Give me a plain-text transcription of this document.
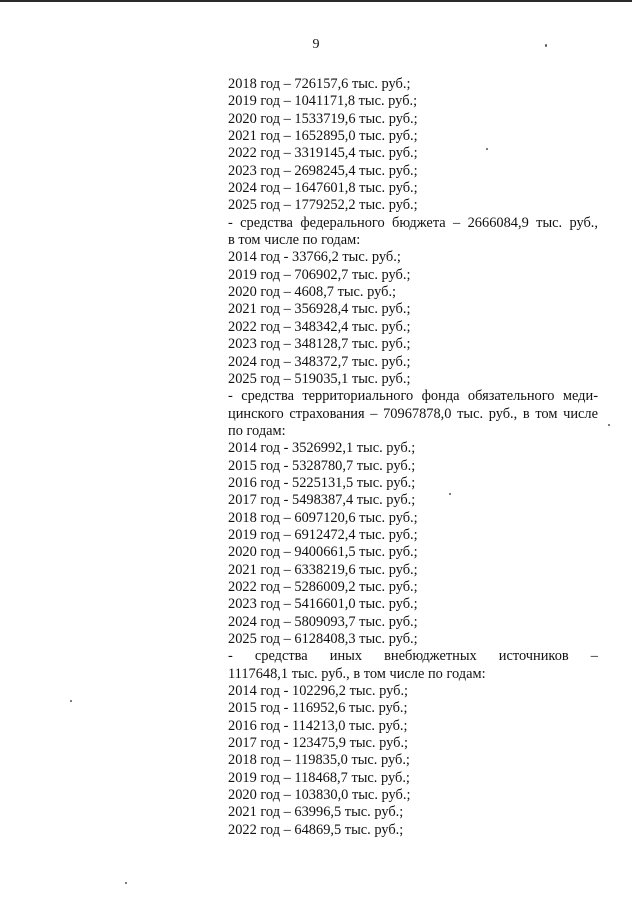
9
2018 год – 726157,6 тыс. руб.;
2019 год – 1041171,8 тыс. руб.;
2020 год – 1533719,6 тыс. руб.;
2021 год – 1652895,0 тыс. руб.;
2022 год – 3319145,4 тыс. руб.;
2023 год – 2698245,4 тыс. руб.;
2024 год – 1647601,8 тыс. руб.;
2025 год – 1779252,2 тыс. руб.;
- средства федерального бюджета – 2666084,9 тыс. руб.,
в том числе по годам:
2014 год - 33766,2 тыс. руб.;
2019 год – 706902,7 тыс. руб.;
2020 год – 4608,7 тыс. руб.;
2021 год – 356928,4 тыс. руб.;
2022 год – 348342,4 тыс. руб.;
2023 год – 348128,7 тыс. руб.;
2024 год – 348372,7 тыс. руб.;
2025 год – 519035,1 тыс. руб.;
- средства территориального фонда обязательного меди-
цинского страхования – 70967878,0 тыс. руб., в том числе
по годам:
2014 год - 3526992,1 тыс. руб.;
2015 год - 5328780,7 тыс. руб.;
2016 год - 5225131,5 тыс. руб.;
2017 год - 5498387,4 тыс. руб.;
2018 год – 6097120,6 тыс. руб.;
2019 год – 6912472,4 тыс. руб.;
2020 год – 9400661,5 тыс. руб.;
2021 год – 6338219,6 тыс. руб.;
2022 год – 5286009,2 тыс. руб.;
2023 год – 5416601,0 тыс. руб.;
2024 год – 5809093,7 тыс. руб.;
2025 год – 6128408,3 тыс. руб.;
- средства иных внебюджетных источников –
1117648,1 тыс. руб., в том числе по годам:
2014 год - 102296,2 тыс. руб.;
2015 год - 116952,6 тыс. руб.;
2016 год - 114213,0 тыс. руб.;
2017 год - 123475,9 тыс. руб.;
2018 год – 119835,0 тыс. руб.;
2019 год – 118468,7 тыс. руб.;
2020 год – 103830,0 тыс. руб.;
2021 год – 63996,5 тыс. руб.;
2022 год – 64869,5 тыс. руб.;
